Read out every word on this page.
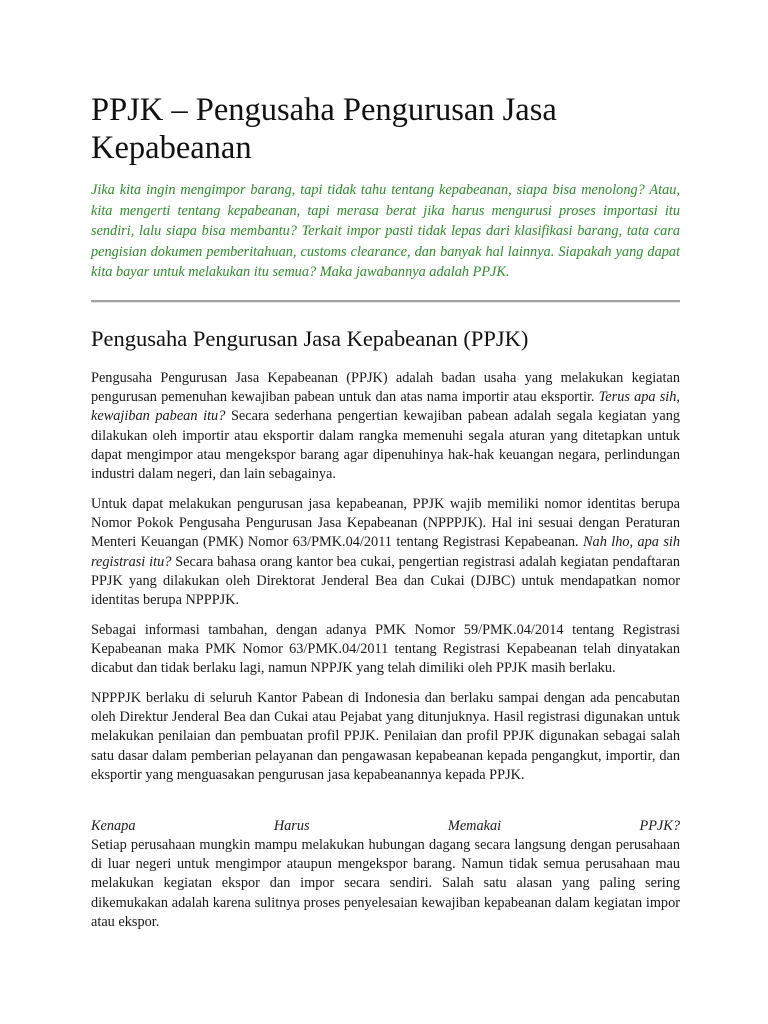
PPJK – Pengusaha Pengurusan Jasa Kepabeanan

Jika kita ingin mengimpor barang, tapi tidak tahu tentang kepabeanan, siapa bisa menolong? Atau, kita mengerti tentang kepabeanan, tapi merasa berat jika harus mengurusi proses importasi itu sendiri, lalu siapa bisa membantu? Terkait impor pasti tidak lepas dari klasifikasi barang, tata cara pengisian dokumen pemberitahuan, customs clearance, dan banyak hal lainnya. Siapakah yang dapat kita bayar untuk melakukan itu semua? Maka jawabannya adalah PPJK.

Pengusaha Pengurusan Jasa Kepabeanan (PPJK)

Pengusaha Pengurusan Jasa Kepabeanan (PPJK) adalah badan usaha yang melakukan kegiatan pengurusan pemenuhan kewajiban pabean untuk dan atas nama importir atau eksportir. Terus apa sih, kewajiban pabean itu? Secara sederhana pengertian kewajiban pabean adalah segala kegiatan yang dilakukan oleh importir atau eksportir dalam rangka memenuhi segala aturan yang ditetapkan untuk dapat mengimpor atau mengekspor barang agar dipenuhinya hak-hak keuangan negara, perlindungan industri dalam negeri, dan lain sebagainya.

Untuk dapat melakukan pengurusan jasa kepabeanan, PPJK wajib memiliki nomor identitas berupa Nomor Pokok Pengusaha Pengurusan Jasa Kepabeanan (NPPPJK). Hal ini sesuai dengan Peraturan Menteri Keuangan (PMK) Nomor 63/PMK.04/2011 tentang Registrasi Kepabeanan. Nah lho, apa sih registrasi itu? Secara bahasa orang kantor bea cukai, pengertian registrasi adalah kegiatan pendaftaran PPJK yang dilakukan oleh Direktorat Jenderal Bea dan Cukai (DJBC) untuk mendapatkan nomor identitas berupa NPPPJK.

Sebagai informasi tambahan, dengan adanya PMK Nomor 59/PMK.04/2014 tentang Registrasi Kepabeanan maka PMK Nomor 63/PMK.04/2011 tentang Registrasi Kepabeanan telah dinyatakan dicabut dan tidak berlaku lagi, namun NPPJK yang telah dimiliki oleh PPJK masih berlaku.

NPPPJK berlaku di seluruh Kantor Pabean di Indonesia dan berlaku sampai dengan ada pencabutan oleh Direktur Jenderal Bea dan Cukai atau Pejabat yang ditunjuknya. Hasil registrasi digunakan untuk melakukan penilaian dan pembuatan profil PPJK. Penilaian dan profil PPJK digunakan sebagai salah satu dasar dalam pemberian pelayanan dan pengawasan kepabeanan kepada pengangkut, importir, dan eksportir yang menguasakan pengurusan jasa kepabeanannya kepada PPJK.

Kenapa	Harus	Memakai	PPJK?

Setiap perusahaan mungkin mampu melakukan hubungan dagang secara langsung dengan perusahaan di luar negeri untuk mengimpor ataupun mengekspor barang. Namun tidak semua perusahaan mau melakukan kegiatan ekspor dan impor secara sendiri. Salah satu alasan yang paling sering dikemukakan adalah karena sulitnya proses penyelesaian kewajiban kepabeanan dalam kegiatan impor atau ekspor.
